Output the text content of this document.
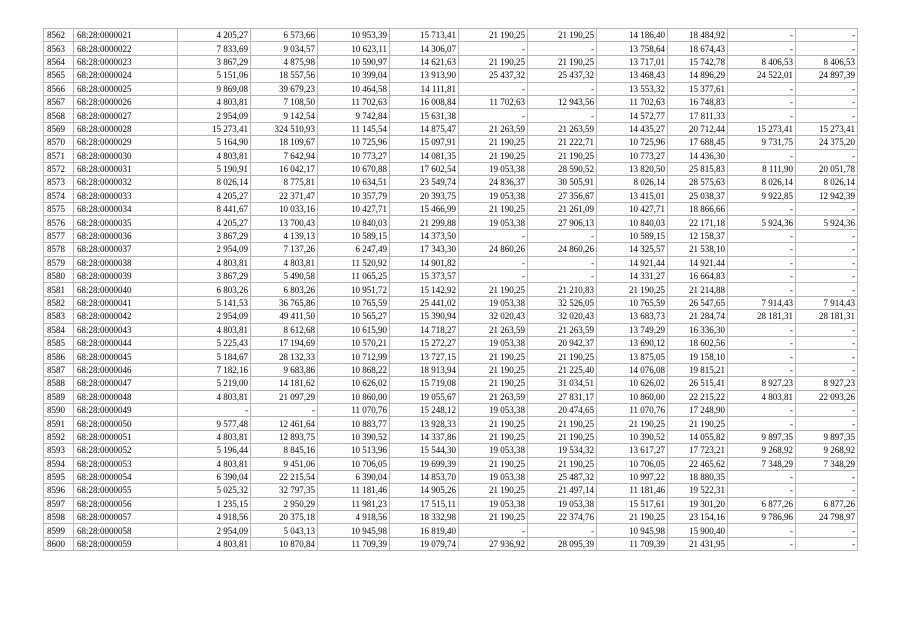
8562	68:28:0000021	4 205,27	6 573,66	10 953,39	15 713,41	21 190,25	21 190,25	14 186,40	18 484,92	-	-
8563	68:28:0000022	7 833,69	9 034,57	10 623,11	14 306,07	-	-	13 758,64	18 674,43	-	-
8564	68:28:0000023	3 867,29	4 875,98	10 590,97	14 621,63	21 190,25	21 190,25	13 717,01	15 742,78	8 406,53	8 406,53
8565	68:28:0000024	5 151,06	18 557,56	10 399,04	13 913,90	25 437,32	25 437,32	13 468,43	14 896,29	24 522,01	24 897,39
8566	68:28:0000025	9 869,08	39 679,23	10 464,58	14 111,81	-	-	13 553,32	15 377,61	-	-
8567	68:28:0000026	4 803,81	7 108,50	11 702,63	16 008,84	11 702,63	12 943,56	11 702,63	16 748,83	-	-
8568	68:28:0000027	2 954,09	9 142,54	9 742,84	15 631,38	-	-	14 572,77	17 811,33	-	-
8569	68:28:0000028	15 273,41	324 510,93	11 145,54	14 875,47	21 263,59	21 263,59	14 435,27	20 712,44	15 273,41	15 273,41
8570	68:28:0000029	5 164,90	18 109,67	10 725,96	15 097,91	21 190,25	21 222,71	10 725,96	17 688,45	9 731,75	24 375,20
8571	68:28:0000030	4 803,81	7 642,94	10 773,27	14 081,35	21 190,25	21 190,25	10 773,27	14 436,30	-	-
8572	68:28:0000031	5 190,91	16 042,17	10 670,88	17 602,54	19 053,38	28 590,52	13 820,50	25 815,83	8 111,90	20 051,78
8573	68:28:0000032	8 026,14	8 775,81	10 634,51	23 549,74	24 836,37	30 505,91	8 026,14	28 575,63	8 026,14	8 026,14
8574	68:28:0000033	4 205,27	22 371,47	10 357,79	20 393,75	19 053,38	27 356,67	13 415,01	25 038,37	9 922,85	12 942,39
8575	68:28:0000034	8 441,67	10 033,16	10 427,71	15 466,99	21 190,25	21 261,09	10 427,71	18 866,66	-	-
8576	68:28:0000035	4 205,27	13 700,43	10 840,03	21 299,88	19 053,38	27 906,13	10 840,03	22 171,18	5 924,36	5 924,36
8577	68:28:0000036	3 867,29	4 139,13	10 589,15	14 373,50	-	-	10 589,15	12 158,37	-	-
8578	68:28:0000037	2 954,09	7 137,26	6 247,49	17 343,30	24 860,26	24 860,26	14 325,57	21 538,10	-	-
8579	68:28:0000038	4 803,81	4 803,81	11 520,92	14 901,82	-	-	14 921,44	14 921,44	-	-
8580	68:28:0000039	3 867,29	5 490,58	11 065,25	15 373,57	-	-	14 331,27	16 664,83	-	-
8581	68:28:0000040	6 803,26	6 803,26	10 951,72	15 142,92	21 190,25	21 210,83	21 190,25	21 214,88	-	-
8582	68:28:0000041	5 141,53	36 765,86	10 765,59	25 441,02	19 053,38	32 526,05	10 765,59	26 547,65	7 914,43	7 914,43
8583	68:28:0000042	2 954,09	49 411,50	10 565,27	15 390,94	32 020,43	32 020,43	13 683,73	21 284,74	28 181,31	28 181,31
8584	68:28:0000043	4 803,81	8 612,68	10 615,90	14 718,27	21 263,59	21 263,59	13 749,29	16 336,30	-	-
8585	68:28:0000044	5 225,43	17 194,69	10 570,21	15 272,27	19 053,38	20 942,37	13 690,12	18 602,56	-	-
8586	68:28:0000045	5 184,67	28 132,33	10 712,99	13 727,15	21 190,25	21 190,25	13 875,05	19 158,10	-	-
8587	68:28:0000046	7 182,16	9 683,86	10 868,22	18 913,94	21 190,25	21 225,40	14 076,08	19 815,21	-	-
8588	68:28:0000047	5 219,00	14 181,62	10 626,02	15 719,08	21 190,25	31 034,51	10 626,02	26 515,41	8 927,23	8 927,23
8589	68:28:0000048	4 803,81	21 097,29	10 860,00	19 055,67	21 263,59	27 831,17	10 860,00	22 215,22	4 803,81	22 093,26
8590	68:28:0000049	-	-	11 070,76	15 248,12	19 053,38	20 474,65	11 070,76	17 248,90	-	-
8591	68:28:0000050	9 577,48	12 461,64	10 883,77	13 928,33	21 190,25	21 190,25	21 190,25	21 190,25	-	-
8592	68:28:0000051	4 803,81	12 893,75	10 390,52	14 337,86	21 190,25	21 190,25	10 390,52	14 055,82	9 897,35	9 897,35
8593	68:28:0000052	5 196,44	8 845,16	10 513,96	15 544,30	19 053,38	19 534,32	13 617,27	17 723,21	9 268,92	9 268,92
8594	68:28:0000053	4 803,81	9 451,06	10 706,05	19 699,39	21 190,25	21 190,25	10 706,05	22 465,62	7 348,29	7 348,29
8595	68:28:0000054	6 390,04	22 215,54	6 390,04	14 853,70	19 053,38	25 487,32	10 997,22	18 880,35	-	-
8596	68:28:0000055	5 025,32	32 797,35	11 181,46	14 905,26	21 190,25	21 497,14	11 181,46	19 522,31	-	-
8597	68:28:0000056	1 235,15	2 950,29	11 981,23	17 515,11	19 053,38	19 053,38	15 517,61	19 301,20	6 877,26	6 877,26
8598	68:28:0000057	4 918,56	20 375,18	4 918,56	18 332,98	21 190,25	22 374,76	21 190,25	23 154,16	9 786,96	24 798,97
8599	68:28:0000058	2 954,09	5 043,13	10 945,98	16 819,40	-	-	10 945,98	15 900,40	-	-
8600	68:28:0000059	4 803,81	10 870,84	11 709,39	19 079,74	27 936,92	28 095,39	11 709,39	21 431,95	-	-
